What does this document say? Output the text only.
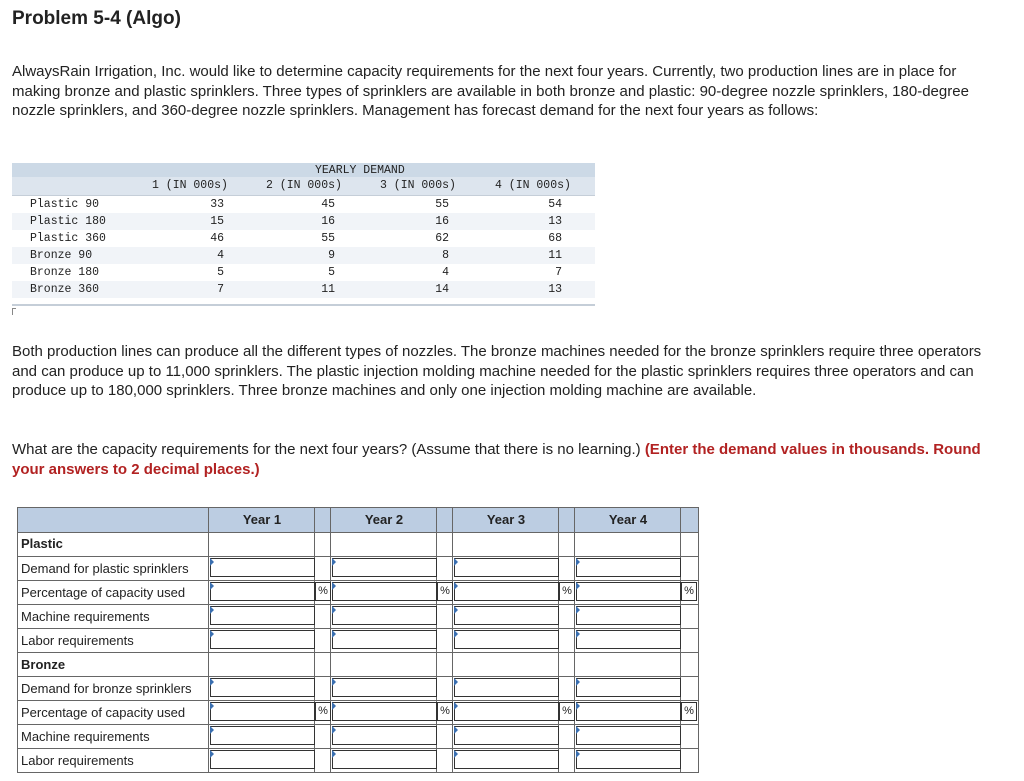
Problem 5-4 (Algo)
AlwaysRain Irrigation, Inc. would like to determine capacity requirements for the next four years. Currently, two production lines are in place for making bronze and plastic sprinklers. Three types of sprinklers are available in both bronze and plastic: 90-degree nozzle sprinklers, 180-degree nozzle sprinklers, and 360-degree nozzle sprinklers. Management has forecast demand for the next four years as follows:
YEARLY DEMAND
1 (IN 000s)	2 (IN 000s)	3 (IN 000s)	4 (IN 000s)
Plastic 90	33	45	55	54
Plastic 180	15	16	16	13
Plastic 360	46	55	62	68
Bronze 90	4	9	8	11
Bronze 180	5	5	4	7
Bronze 360	7	11	14	13
Both production lines can produce all the different types of nozzles. The bronze machines needed for the bronze sprinklers require three operators and can produce up to 11,000 sprinklers. The plastic injection molding machine needed for the plastic sprinklers requires three operators and can produce up to 180,000 sprinklers. Three bronze machines and only one injection molding machine are available.
What are the capacity requirements for the next four years? (Assume that there is no learning.) (Enter the demand values in thousands. Round your answers to 2 decimal places.)
Year 1	Year 2	Year 3	Year 4
Plastic
Demand for plastic sprinklers
Percentage of capacity used	%	%	%	%
Machine requirements
Labor requirements
Bronze
Demand for bronze sprinklers
Percentage of capacity used	%	%	%	%
Machine requirements
Labor requirements
